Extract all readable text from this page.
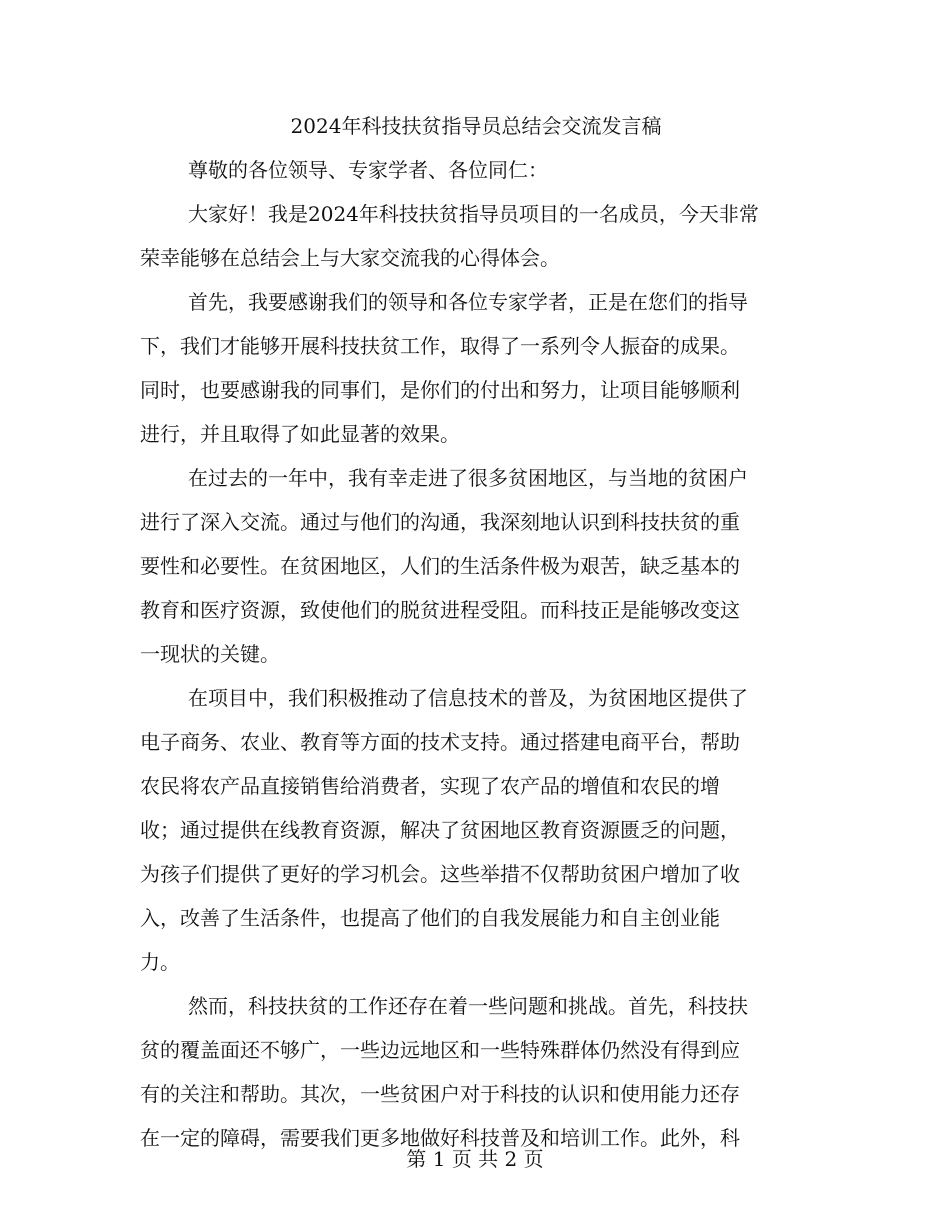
2024年科技扶贫指导员总结会交流发言稿

尊敬的各位领导、专家学者、各位同仁：

大家好！我是2024年科技扶贫指导员项目的一名成员，今天非常
荣幸能够在总结会上与大家交流我的心得体会。
首先，我要感谢我们的领导和各位专家学者，正是在您们的指导
下，我们才能够开展科技扶贫工作，取得了一系列令人振奋的成果。
同时，也要感谢我的同事们，是你们的付出和努力，让项目能够顺利
进行，并且取得了如此显著的效果。
在过去的一年中，我有幸走进了很多贫困地区，与当地的贫困户
进行了深入交流。通过与他们的沟通，我深刻地认识到科技扶贫的重
要性和必要性。在贫困地区，人们的生活条件极为艰苦，缺乏基本的
教育和医疗资源，致使他们的脱贫进程受阻。而科技正是能够改变这
一现状的关键。
在项目中，我们积极推动了信息技术的普及，为贫困地区提供了
电子商务、农业、教育等方面的技术支持。通过搭建电商平台，帮助
农民将农产品直接销售给消费者，实现了农产品的增值和农民的增
收；通过提供在线教育资源，解决了贫困地区教育资源匮乏的问题，
为孩子们提供了更好的学习机会。这些举措不仅帮助贫困户增加了收
入，改善了生活条件，也提高了他们的自我发展能力和自主创业能
力。
然而，科技扶贫的工作还存在着一些问题和挑战。首先，科技扶
贫的覆盖面还不够广，一些边远地区和一些特殊群体仍然没有得到应
有的关注和帮助。其次，一些贫困户对于科技的认识和使用能力还存
在一定的障碍，需要我们更多地做好科技普及和培训工作。此外，科
第 1 页 共 2 页
